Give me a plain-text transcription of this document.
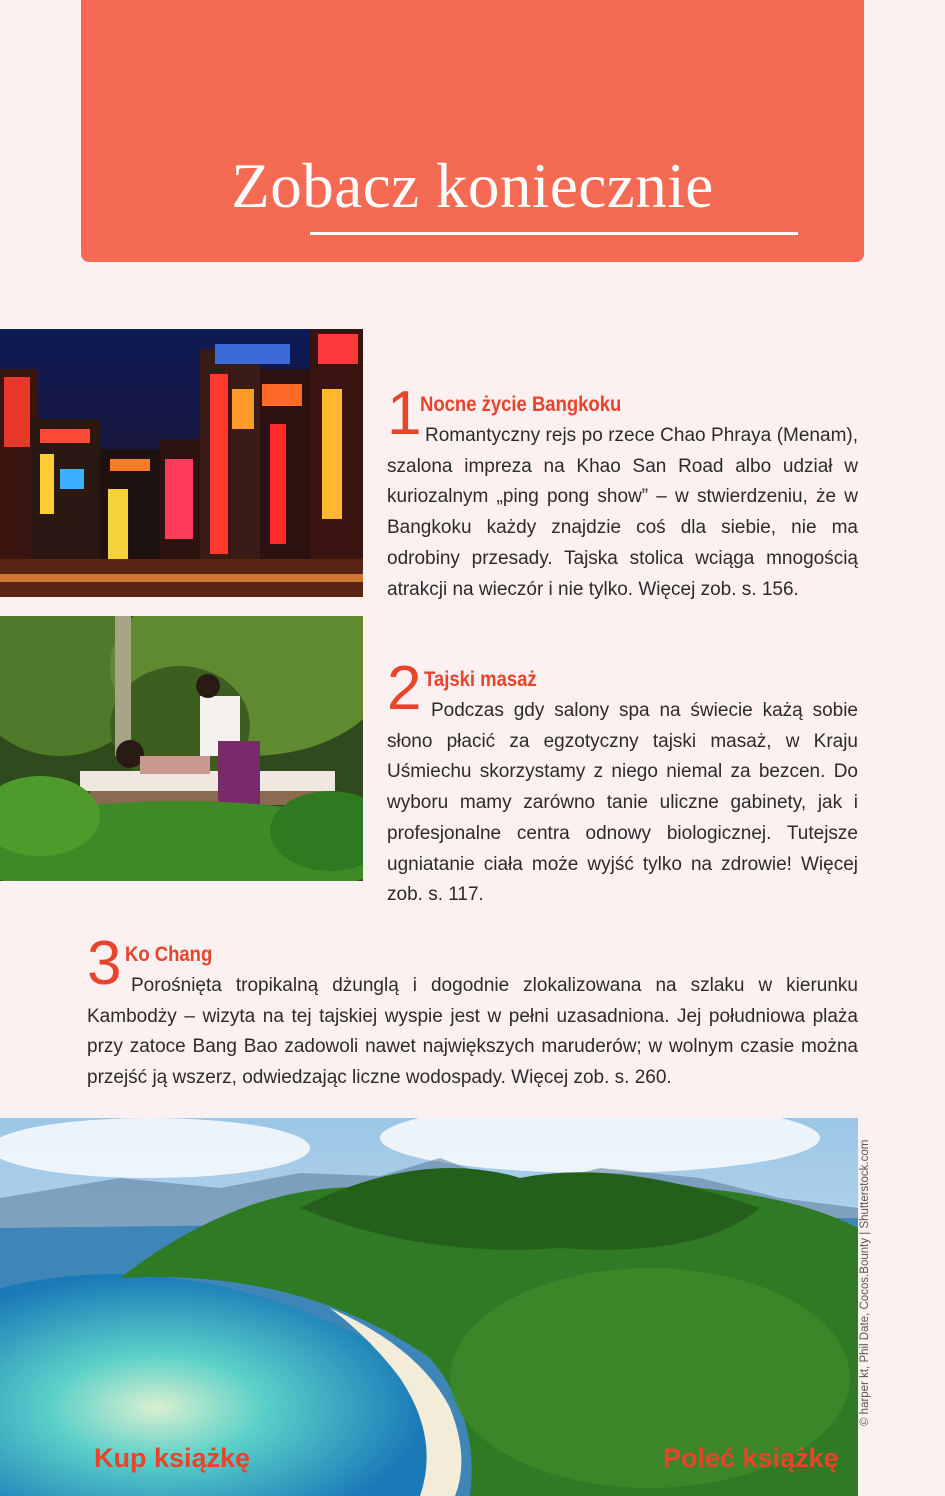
Zobacz koniecznie
1
Nocne życie Bangkoku

Romantyczny rejs po rzece Chao Phraya (Menam), szalona impreza na Khao San Road albo udział w kuriozalnym „ping pong show” – w stwierdzeniu, że w Bangkoku każdy znajdzie coś dla siebie, nie ma odrobiny przesady. Tajska stolica wciąga mnogością atrakcji na wieczór i nie tylko. Więcej zob. s. 156.

2 Tajski masaż

Podczas gdy salony spa na świecie każą sobie słono płacić za egzotyczny tajski masaż, w Kraju Uśmiechu skorzystamy z niego niemal za bezcen. Do wyboru mamy zarówno tanie uliczne gabinety, jak i profesjonalne centra odnowy biologicznej. Tutejsze ugniatanie ciała może wyjść tylko na zdrowie! Więcej zob. s. 117.

3 Ko Chang

Porośnięta tropikalną dżunglą i dogodnie zlokalizowana na szlaku w kierunku Kambodży – wizyta na tej tajskiej wyspie jest w pełni uzasadniona. Jej południowa plaża przy zatoce Bang Bao zadowoli nawet największych maruderów; w wolnym czasie można przejść ją wszerz, odwiedzając liczne wodospady. Więcej zob. s. 260.

© harper kt, Phil Date, Cocos.Bounty | Shutterstock.com
Kup książkę	Poleć książkę
